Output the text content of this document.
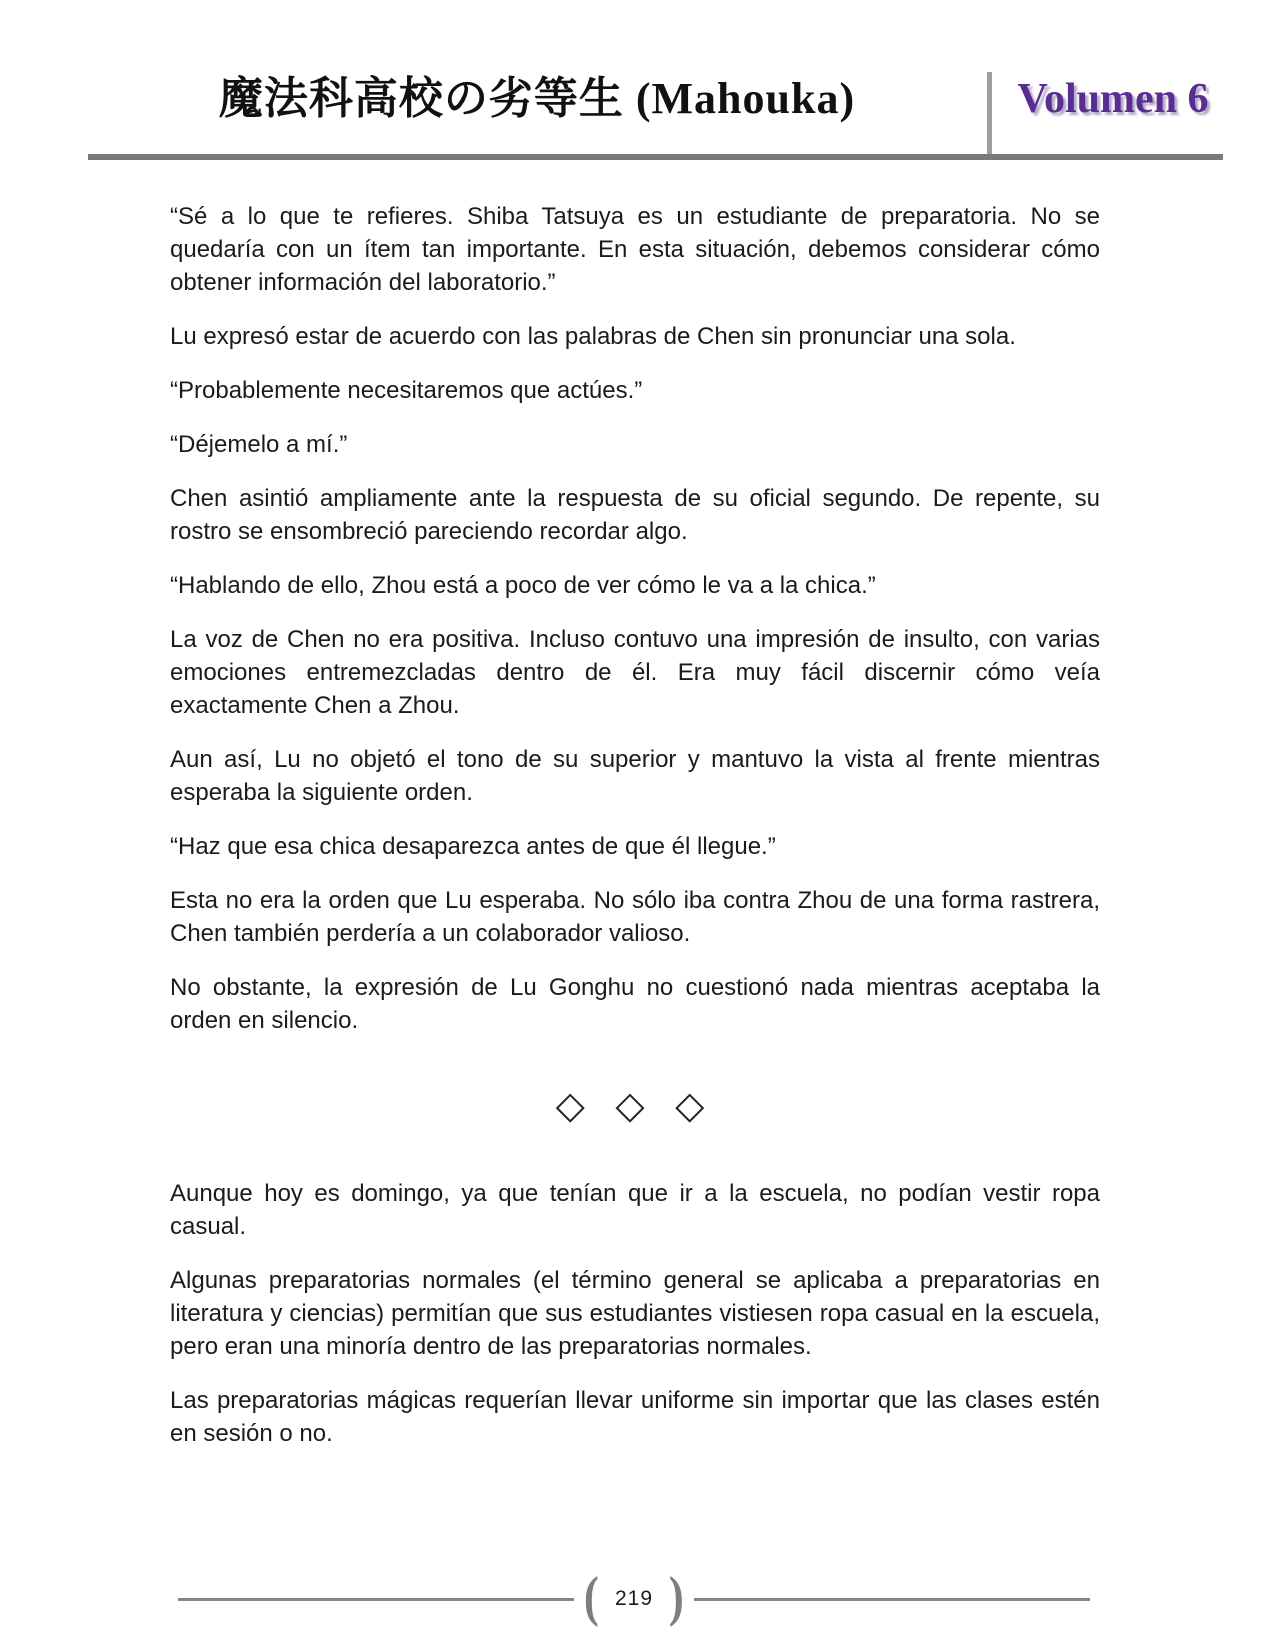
魔法科高校の劣等生 (Mahouka)	Volumen 6

“Sé a lo que te refieres. Shiba Tatsuya es un estudiante de preparatoria. No se quedaría con un ítem tan importante. En esta situación, debemos considerar cómo obtener información del laboratorio.”

Lu expresó estar de acuerdo con las palabras de Chen sin pronunciar una sola.

“Probablemente necesitaremos que actúes.”

“Déjemelo a mí.”

Chen asintió ampliamente ante la respuesta de su oficial segundo. De repente, su rostro se ensombreció pareciendo recordar algo.

“Hablando de ello, Zhou está a poco de ver cómo le va a la chica.”

La voz de Chen no era positiva. Incluso contuvo una impresión de insulto, con varias emociones entremezcladas dentro de él. Era muy fácil discernir cómo veía exactamente Chen a Zhou.

Aun así, Lu no objetó el tono de su superior y mantuvo la vista al frente mientras esperaba la siguiente orden.

“Haz que esa chica desaparezca antes de que él llegue.”

Esta no era la orden que Lu esperaba. No sólo iba contra Zhou de una forma rastrera, Chen también perdería a un colaborador valioso.

No obstante, la expresión de Lu Gonghu no cuestionó nada mientras aceptaba la orden en silencio.

◇ ◇ ◇

Aunque hoy es domingo, ya que tenían que ir a la escuela, no podían vestir ropa casual.

Algunas preparatorias normales (el término general se aplicaba a preparatorias en literatura y ciencias) permitían que sus estudiantes vistiesen ropa casual en la escuela, pero eran una minoría dentro de las preparatorias normales.

Las preparatorias mágicas requerían llevar uniforme sin importar que las clases estén en sesión o no.

( 219 )
